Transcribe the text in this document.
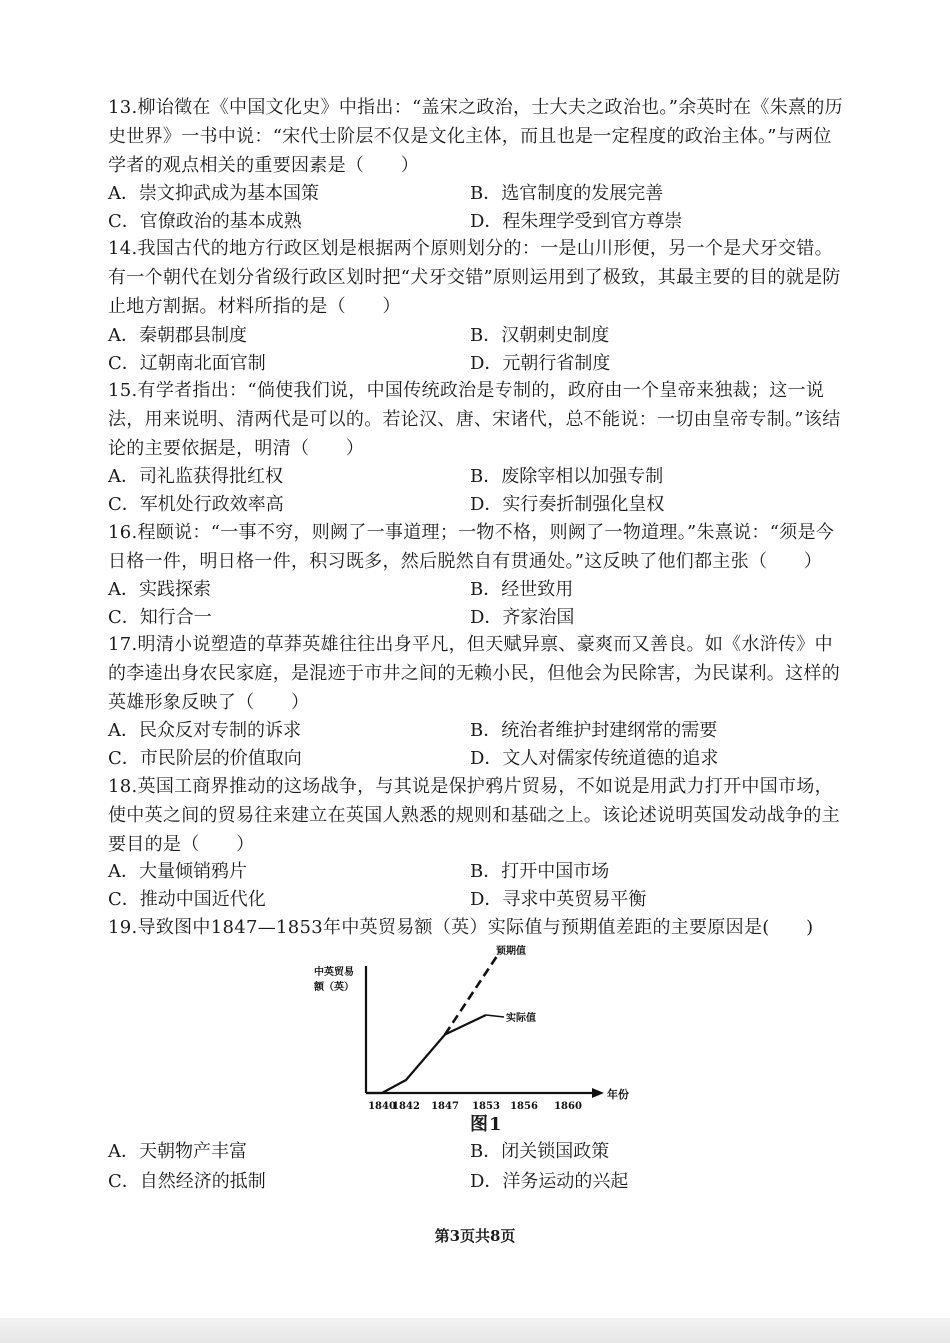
13.柳诒徵在《中国文化史》中指出：“盖宋之政治，士大夫之政治也。”余英时在《朱熹的历史世界》一书中说：“宋代士阶层不仅是文化主体，而且也是一定程度的政治主体。”与两位学者的观点相关的重要因素是（　　）
A．崇文抑武成为基本国策	B．选官制度的发展完善
C．官僚政治的基本成熟	D．程朱理学受到官方尊崇
14.我国古代的地方行政区划是根据两个原则划分的：一是山川形便，另一个是犬牙交错。有一个朝代在划分省级行政区划时把“犬牙交错”原则运用到了极致，其最主要的目的就是防止地方割据。材料所指的是（　　）
A．秦朝郡县制度	B．汉朝刺史制度
C．辽朝南北面官制	D．元朝行省制度
15.有学者指出：“倘使我们说，中国传统政治是专制的，政府由一个皇帝来独裁；这一说法，用来说明、清两代是可以的。若论汉、唐、宋诸代，总不能说：一切由皇帝专制。”该结论的主要依据是，明清（　　）
A．司礼监获得批红权	B．废除宰相以加强专制
C．军机处行政效率高	D．实行奏折制强化皇权
16.程颐说：“一事不穷，则阙了一事道理；一物不格，则阙了一物道理。”朱熹说：“须是今日格一件，明日格一件，积习既多，然后脱然自有贯通处。”这反映了他们都主张（　　）
A．实践探索	B．经世致用
C．知行合一	D．齐家治国
17.明清小说塑造的草莽英雄往往出身平凡，但天赋异禀、豪爽而又善良。如《水浒传》中的李逵出身农民家庭，是混迹于市井之间的无赖小民，但他会为民除害，为民谋利。这样的英雄形象反映了（　　）
A．民众反对专制的诉求	B．统治者维护封建纲常的需要
C．市民阶层的价值取向	D．文人对儒家传统道德的追求
18.英国工商界推动的这场战争，与其说是保护鸦片贸易，不如说是用武力打开中国市场，使中英之间的贸易往来建立在英国人熟悉的规则和基础之上。该论述说明英国发动战争的主要目的是（　　）
A．大量倾销鸦片	B．打开中国市场
C．推动中国近代化	D．寻求中英贸易平衡
19.导致图中1847—1853年中英贸易额（英）实际值与预期值差距的主要原因是(　　)
中英贸易
额（英）
年份
1840
1842 1847 1853 1856 1860
预期值
实际值
图1
A．天朝物产丰富	B．闭关锁国政策
C．自然经济的抵制	D．洋务运动的兴起
第3页共8页
